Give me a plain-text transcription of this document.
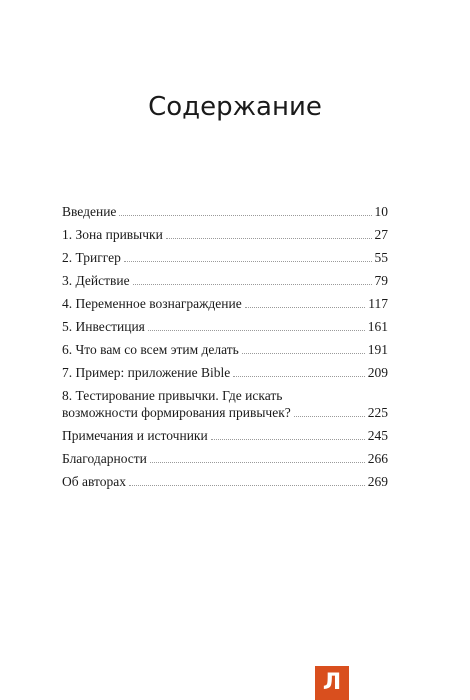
Содержание
Введение	10
1. Зона привычки	27
2. Триггер	55
3. Действие	79
4. Переменное вознаграждение	117
5. Инвестиция	161
6. Что вам со всем этим делать	191
7. Пример: приложение Bible	209
8. Тестирование привычки. Где искать
возможности формирования привычек?	225
Примечания и источники	245
Благодарности	266
Об авторах	269
Л
